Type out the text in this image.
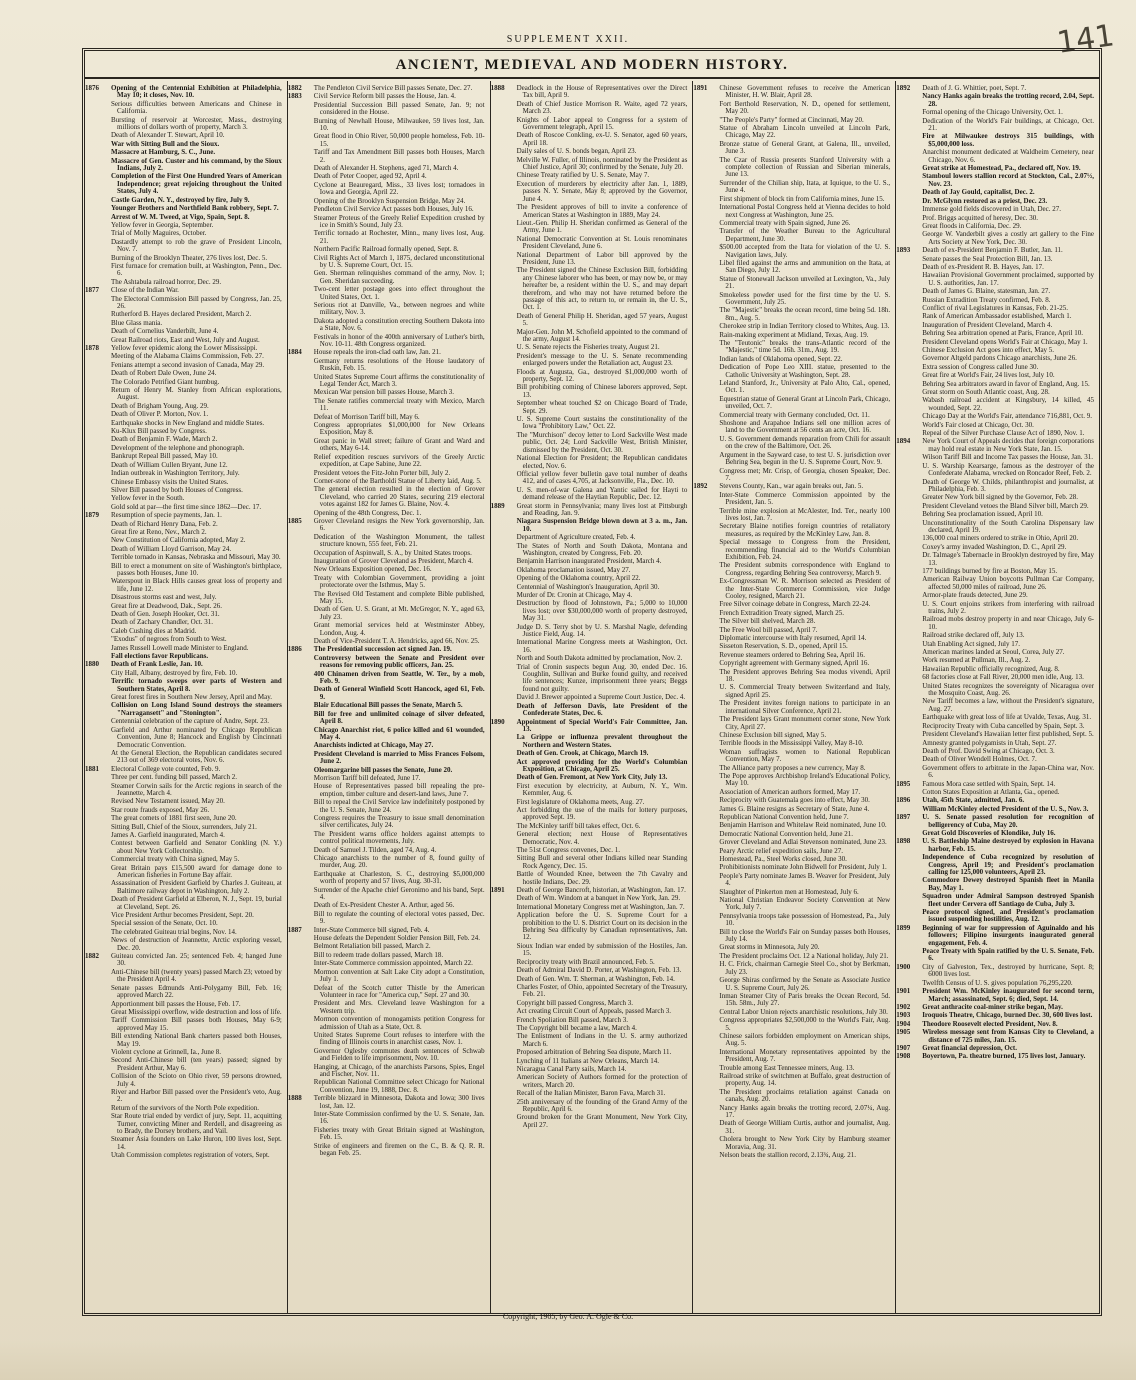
141
SUPPLEMENT XXII.
ANCIENT, MEDIEVAL AND MODERN HISTORY.
1876	Opening of the Centennial Exhibition at Philadelphia, May 10; it closes, Nov. 10.
Serious difficulties between Americans and Chinese in California.
Bursting of reservoir at Worcester, Mass., destroying millions of dollars worth of property, March 3.
Death of Alexander T. Stewart, April 10.
War with Sitting Bull and the Sioux.
Massacre at Hamburg, S. C., June.
Massacre of Gen. Custer and his command, by the Sioux Indians, July 2.
Completion of the First One Hundred Years of American Independence; great rejoicing throughout the United States, July 4.
Castle Garden, N. Y., destroyed by fire, July 9.
Younger Brothers and Northfield Bank robbery, Sept. 7.
Arrest of W. M. Tweed, at Vigo, Spain, Sept. 8.
Yellow fever in Georgia, September.
Trial of Molly Maguires, October.
Dastardly attempt to rob the grave of President Lincoln, Nov. 7.
Burning of the Brooklyn Theater, 276 lives lost, Dec. 5.
First furnace for cremation built, at Washington, Penn., Dec. 6.
The Ashtabula railroad horror, Dec. 29.
1877	Close of the Indian War.
The Electoral Commission Bill passed by Congress, Jan. 25, 26.
Rutherford B. Hayes declared President, March 2.
Blue Glass mania.
Death of Cornelius Vanderbilt, June 4.
Great Railroad riots, East and West, July and August.
1878	Yellow fever epidemic along the Lower Mississippi.
Meeting of the Alabama Claims Commission, Feb. 27.
Fenians attempt a second invasion of Canada, May 29.
Death of Robert Dale Owen, June 24.
The Colorado Petrified Giant humbug.
Return of Henry M. Stanley from African explorations, August.
Death of Brigham Young, Aug. 29.
Death of Oliver P. Morton, Nov. 1.
Earthquake shocks in New England and middle States.
Ku-Klux Bill passed by Congress.
Death of Benjamin F. Wade, March 2.
Development of the telephone and phonograph.
Bankrupt Repeal Bill passed, May 10.
Death of William Cullen Bryant, June 12.
Indian outbreak in Washington Territory, July.
Chinese Embassy visits the United States.
Silver Bill passed by both Houses of Congress.
Yellow fever in the South.
Gold sold at par—the first time since 1862—Dec. 17.
1879	Resumption of specie payments, Jan. 1.
Death of Richard Henry Dana, Feb. 2.
Great fire at Reno, Nev., March 2.
New Constitution of California adopted, May 2.
Death of William Lloyd Garrison, May 24.
Terrible tornado in Kansas, Nebraska and Missouri, May 30.
Bill to erect a monument on site of Washington's birthplace, passes both Houses, June 10.
Waterspout in Black Hills causes great loss of property and life, June 12.
Disastrous storms east and west, July.
Great fire at Deadwood, Dak., Sept. 26.
Death of Gen. Joseph Hooker, Oct. 31.
Death of Zachary Chandler, Oct. 31.
Caleb Cushing dies at Madrid.
"Exodus" of negroes from South to West.
James Russell Lowell made Minister to England.
Fall elections favor Republicans.
1880	Death of Frank Leslie, Jan. 10.
City Hall, Albany, destroyed by fire, Feb. 10.
Terrific tornado sweeps over parts of Western and Southern States, April 8.
Great forest fires in Southern New Jersey, April and May.
Collision on Long Island Sound destroys the steamers "Narragansett" and "Stonington".
Centennial celebration of the capture of Andre, Sept. 23.
Garfield and Arthur nominated by Chicago Republican Convention, June 8; Hancock and English by Cincinnati Democratic Convention.
At the General Election, the Republican candidates secured 213 out of 369 electoral votes, Nov. 6.
1881	Electoral College vote counted, Feb. 9.
Three per cent. funding bill passed, March 2.
Steamer Corwin sails for the Arctic regions in search of the Jeannette, March 4.
Revised New Testament issued, May 20.
Star route frauds exposed, May 26.
The great comets of 1881 first seen, June 20.
Sitting Bull, Chief of the Sioux, surrenders, July 21.
James A. Garfield inaugurated, March 4.
Contest between Garfield and Senator Conkling (N. Y.) about New York Collectorship.
Commercial treaty with China signed, May 5.
Great Britain pays £15,500 award for damage done to American fisheries in Fortune Bay affair.
Assassination of President Garfield by Charles J. Guiteau, at Baltimore railway depot in Washington, July 2.
Death of President Garfield at Elberon, N. J., Sept. 19, burial at Cleveland, Sept. 26.
Vice President Arthur becomes President, Sept. 20.
Special session of the Senate, Oct. 10.
The celebrated Guiteau trial begins, Nov. 14.
News of destruction of Jeannette, Arctic exploring vessel, Dec. 20.
1882	Guiteau convicted Jan. 25; sentenced Feb. 4; hanged June 30.
Anti-Chinese bill (twenty years) passed March 23; vetoed by the President April 4.
Senate passes Edmunds Anti-Polygamy Bill, Feb. 16; approved March 22.
Apportionment bill passes the House, Feb. 17.
Great Mississippi overflow, wide destruction and loss of life.
Tariff Commission Bill passes both Houses, May 6-9; approved May 15.
Bill extending National Bank charters passed both Houses, May 19.
Violent cyclone at Grinnell, Ia., June 8.
Second Anti-Chinese bill (ten years) passed; signed by President Arthur, May 6.
Collision of the Scioto on Ohio river, 59 persons drowned, July 4.
River and Harbor Bill passed over the President's veto, Aug. 2.
Return of the survivors of the North Pole expedition.
Star Route trial ended by verdict of jury, Sept. 11, acquitting Turner, convicting Miner and Rerdell, and disagreeing as to Brady, the Dorsey brothers, and Vail.
Steamer Asia founders on Lake Huron, 100 lives lost, Sept. 14.
Utah Commission completes registration of voters, Sept.
1882	The Pendleton Civil Service Bill passes Senate, Dec. 27.
1883	Civil Service Reform bill passes the House, Jan. 4.
Presidential Succession Bill passed Senate, Jan. 9; not considered in the House.
Burning of Newhall House, Milwaukee, 59 lives lost, Jan. 10.
Great flood in Ohio River, 50,000 people homeless, Feb. 10-15.
Tariff and Tax Amendment Bill passes both Houses, March 2.
Death of Alexander H. Stephens, aged 71, March 4.
Death of Peter Cooper, aged 92, April 4.
Cyclone at Beauregard, Miss., 33 lives lost; tornadoes in Iowa and Georgia, April 22.
Opening of the Brooklyn Suspension Bridge, May 24.
Pendleton Civil Service Act passes both Houses, July 16.
Steamer Proteus of the Greely Relief Expedition crushed by ice in Smith's Sound, July 23.
Terrific tornado at Rochester, Minn., many lives lost, Aug. 21.
Northern Pacific Railroad formally opened, Sept. 8.
Civil Rights Act of March 1, 1875, declared unconstitutional by U. S. Supreme Court, Oct. 15.
Gen. Sherman relinquishes command of the army, Nov. 1; Gen. Sheridan succeeding.
Two-cent letter postage goes into effect throughout the United States, Oct. 1.
Serious riot at Danville, Va., between negroes and white military, Nov. 3.
Dakota adopted a constitution erecting Southern Dakota into a State, Nov. 6.
Festivals in honor of the 400th anniversary of Luther's birth, Nov. 10-11. 48th Congress organized.
1884	House repeals the iron-clad oath law, Jan. 21.
Germany returns resolutions of the House laudatory of Ruskin, Feb. 15.
United States Supreme Court affirms the constitutionality of Legal Tender Act, March 3.
Mexican War pension bill passes House, March 3.
The Senate ratifies commercial treaty with Mexico, March 11.
Defeat of Morrison Tariff bill, May 6.
Congress appropriates $1,000,000 for New Orleans Exposition, May 8.
Great panic in Wall street; failure of Grant and Ward and others, May 6-14.
Relief expedition rescues survivors of the Greely Arctic expedition, at Cape Sabine, June 22.
President vetoes the Fitz-John Porter bill, July 2.
Corner-stone of the Bartholdi Statue of Liberty laid, Aug. 5.
The general election resulted in the election of Grover Cleveland, who carried 20 States, securing 219 electoral votes against 182 for James G. Blaine, Nov. 4.
Opening of the 48th Congress, Dec. 1.
1885	Grover Cleveland resigns the New York governorship, Jan. 6.
Dedication of the Washington Monument, the tallest structure known, 555 feet, Feb. 21.
Occupation of Aspinwall, S. A., by United States troops.
Inauguration of Grover Cleveland as President, March 4.
New Orleans Exposition opened, Dec. 16.
Treaty with Colombian Government, providing a joint protectorate over the Isthmus, May 5.
The Revised Old Testament and complete Bible published, May 15.
Death of Gen. U. S. Grant, at Mt. McGregor, N. Y., aged 63, July 23.
Grant memorial services held at Westminster Abbey, London, Aug. 4.
Death of Vice-President T. A. Hendricks, aged 66, Nov. 25.
1886	The Presidential succession act signed Jan. 19.
Controversy between the Senate and President over reasons for removing public officers, Jan. 25.
400 Chinamen driven from Seattle, W. Ter., by a mob, Feb. 9.
Death of General Winfield Scott Hancock, aged 61, Feb. 9.
Blair Educational Bill passes the Senate, March 5.
Bill for free and unlimited coinage of silver defeated, April 8.
Chicago Anarchist riot, 6 police killed and 61 wounded, May 4.
Anarchists indicted at Chicago, May 27.
President Cleveland is married to Miss Frances Folsom, June 2.
Oleomargarine bill passes the Senate, June 20.
Morrison Tariff bill defeated, June 17.
House of Representatives passed bill repealing the pre-emption, timber culture and desert-land laws, June 7.
Bill to repeal the Civil Service law indefinitely postponed by the U. S. Senate, June 24.
Congress requires the Treasury to issue small denomination silver certificates, July 24.
The President warns office holders against attempts to control political movements, July.
Death of Samuel J. Tilden, aged 74, Aug. 4.
Chicago anarchists to the number of 8, found guilty of murder, Aug. 20.
Earthquake at Charleston, S. C., destroying $5,000,000 worth of property and 57 lives, Aug. 30-31.
Surrender of the Apache chief Geronimo and his band, Sept. 4.
Death of Ex-President Chester A. Arthur, aged 56.
Bill to regulate the counting of electoral votes passed, Dec. 9.
1887	Inter-State Commerce bill signed, Feb. 4.
House defeats the Dependent Soldier Pension Bill, Feb. 24.
Belmont Retaliation bill passed, March 2.
Bill to redeem trade dollars passed, March 18.
Inter-State Commerce commission appointed, March 22.
Mormon convention at Salt Lake City adopt a Constitution, July 1.
Defeat of the Scotch cutter Thistle by the American Volunteer in race for "America cup," Sept. 27 and 30.
President and Mrs. Cleveland leave Washington for a Western trip.
Mormon convention of monogamists petition Congress for admission of Utah as a State, Oct. 8.
United States Supreme Court refuses to interfere with the finding of Illinois courts in anarchist cases, Nov. 1.
Governor Oglesby commutes death sentences of Schwab and Fielden to life imprisonment, Nov. 10.
Hanging, at Chicago, of the anarchists Parsons, Spies, Engel and Fischer, Nov. 11.
Republican National Committee select Chicago for National Convention, June 19, 1888, Dec. 8.
1888	Terrible blizzard in Minnesota, Dakota and Iowa; 300 lives lost, Jan. 12.
Inter-State Commission confirmed by the U. S. Senate, Jan. 16.
Fisheries treaty with Great Britain signed at Washington, Feb. 15.
Strike of engineers and firemen on the C., B. & Q. R. R. began Feb. 25.
1888	Deadlock in the House of Representatives over the Direct Tax bill, April 9.
Death of Chief Justice Morrison R. Waite, aged 72 years, March 23.
Knights of Labor appeal to Congress for a system of Government telegraph, April 15.
Death of Roscoe Conkling, ex-U. S. Senator, aged 60 years, April 18.
Daily sales of U. S. bonds began, April 23.
Melville W. Fuller, of Illinois, nominated by the President as Chief Justice, April 30; confirmed by the Senate, July 20.
Chinese Treaty ratified by U. S. Senate, May 7.
Execution of murderers by electricity after Jan. 1, 1889, passes N. Y. Senate, May 8; approved by the Governor, June 4.
The President approves of bill to invite a conference of American States at Washington in 1889, May 24.
Lieut.-Gen. Philip H. Sheridan confirmed as General of the Army, June 1.
National Democratic Convention at St. Louis renominates President Cleveland, June 6.
National Department of Labor bill approved by the President, June 13.
The President signed the Chinese Exclusion Bill, forbidding any Chinese laborer who has been, or may now be, or may hereafter be, a resident within the U. S., and may depart therefrom, and who may not have returned before the passage of this act, to return to, or remain in, the U. S., Oct. 1.
Death of General Philip H. Sheridan, aged 57 years, August 5.
Major-Gen. John M. Schofield appointed to the command of the army, August 14.
U. S. Senate rejects the Fisheries treaty, August 21.
President's message to the U. S. Senate recommending enlarged powers under the Retaliation act, August 23.
Floods at Augusta, Ga., destroyed $1,000,000 worth of property, Sept. 12.
Bill prohibiting coming of Chinese laborers approved, Sept. 13.
September wheat touched $2 on Chicago Board of Trade, Sept. 29.
U. S. Supreme Court sustains the constitutionality of the Iowa "Prohibitory Law," Oct. 22.
The "Murchison" decoy letter to Lord Sackville West made public, Oct. 24; Lord Sackville West, British Minister, dismissed by the President, Oct. 30.
National Election for President; the Republican candidates elected, Nov. 6.
Official yellow fever bulletin gave total number of deaths 412, and of cases 4,705, at Jacksonville, Fla., Dec. 10.
U. S. men-of-war Galena and Yantic sailed for Hayti to demand release of the Haytian Republic, Dec. 12.
1889	Great storm in Pennsylvania; many lives lost at Pittsburgh and Reading, Jan. 9.
Niagara Suspension Bridge blown down at 3 a. m., Jan. 10.
Department of Agriculture created, Feb. 4.
The States of North and South Dakota, Montana and Washington, created by Congress, Feb. 20.
Benjamin Harrison inaugurated President, March 4.
Oklahoma proclamation issued, May 27.
Opening of the Oklahoma country, April 22.
Centennial of Washington's Inauguration, April 30.
Murder of Dr. Cronin at Chicago, May 4.
Destruction by flood of Johnstown, Pa.; 5,000 to 10,000 lives lost; over $30,000,000 worth of property destroyed, May 31.
Judge D. S. Terry shot by U. S. Marshal Nagle, defending Justice Field, Aug. 14.
International Marine Congress meets at Washington, Oct. 16.
North and South Dakota admitted by proclamation, Nov. 2.
Trial of Cronin suspects begun Aug. 30, ended Dec. 16. Coughlin, Sullivan and Burke found guilty, and received life sentences; Kunze, imprisonment three years; Beggs found not guilty.
David J. Brewer appointed a Supreme Court Justice, Dec. 4.
Death of Jefferson Davis, late President of the Confederate States, Dec. 6.
1890	Appointment of Special World's Fair Committee, Jan. 13.
La Grippe or influenza prevalent throughout the Northern and Western States.
Death of Gen. Crook, at Chicago, March 19.
Act approved providing for the World's Columbian Exposition, at Chicago, April 25.
Death of Gen. Fremont, at New York City, July 13.
First execution by electricity, at Auburn, N. Y., Wm. Kemmler, Aug. 6.
First legislature of Oklahoma meets, Aug. 27.
Act forbidding the use of the mails for lottery purposes, approved Sept. 19.
The McKinley tariff bill takes effect, Oct. 6.
General election; next House of Representatives Democratic, Nov. 4.
The 51st Congress convenes, Dec. 1.
Sitting Bull and several other Indians killed near Standing Rock Agency, Dec. 15.
Battle of Wounded Knee, between the 7th Cavalry and hostile Indians, Dec. 29.
1891	Death of George Bancroft, historian, at Washington, Jan. 17.
Death of Wm. Windom at a banquet in New York, Jan. 29.
International Monetary Congress met at Washington, Jan. 7.
Application before the U. S. Supreme Court for a prohibition to the U. S. District Court on its decision in the Behring Sea difficulty by Canadian representatives, Jan. 12.
Sioux Indian war ended by submission of the Hostiles, Jan. 15.
Reciprocity treaty with Brazil announced, Feb. 5.
Death of Admiral David D. Porter, at Washington, Feb. 13.
Death of Gen. Wm. T. Sherman, at Washington, Feb. 14.
Charles Foster, of Ohio, appointed Secretary of the Treasury, Feb. 21.
Copyright bill passed Congress, March 3.
Act creating Circuit Court of Appeals, passed March 3.
French Spoliation Bill passed, March 3.
The Copyright bill became a law, March 4.
The Enlistment of Indians in the U. S. army authorized March 6.
Proposed arbitration of Behring Sea dispute, March 11.
Lynching of 11 Italians at New Orleans, March 14.
Nicaragua Canal Party sails, March 14.
American Society of Authors formed for the protection of writers, March 20.
Recall of the Italian Minister, Baron Fava, March 31.
25th anniversary of the founding of the Grand Army of the Republic, April 6.
Ground broken for the Grant Monument, New York City, April 27.
1891	Chinese Government refuses to receive the American Minister, H. W. Blair, April 28.
Fort Berthold Reservation, N. D., opened for settlement, May 20.
"The People's Party" formed at Cincinnati, May 20.
Statue of Abraham Lincoln unveiled at Lincoln Park, Chicago, May 22.
Bronze statue of General Grant, at Galena, Ill., unveiled, June 3.
The Czar of Russia presents Stanford University with a complete collection of Russian and Siberian minerals, June 13.
Surrender of the Chilian ship, Itata, at Iquique, to the U. S., June 4.
First shipment of block tin from California mines, June 15.
International Postal Congress held at Vienna decides to hold next Congress at Washington, June 25.
Commercial treaty with Spain signed, June 26.
Transfer of the Weather Bureau to the Agricultural Department, June 30.
$500.00 accepted from the Itata for violation of the U. S. Navigation laws, July.
Libel filed against the arms and ammunition on the Itata, at San Diego, July 12.
Statue of Stonewall Jackson unveiled at Lexington, Va., July 21.
Smokeless powder used for the first time by the U. S. Government, July 25.
The "Majestic" breaks the ocean record, time being 5d. 18h. 8m., Aug. 5.
Cherokee strip in Indian Territory closed to Whites, Aug. 13.
Rain-making experiment at Midland, Texas, Aug. 19.
The "Teutonic" breaks the trans-Atlantic record of the "Majestic," time 5d. 16h. 31m., Aug. 19.
Indian lands of Oklahoma opened, Sept. 22.
Dedication of Pope Leo XIII. statue, presented to the Catholic University at Washington, Sept. 28.
Leland Stanford, Jr., University at Palo Alto, Cal., opened, Oct. 1.
Equestrian statue of General Grant at Lincoln Park, Chicago, unveiled, Oct. 7.
Commercial treaty with Germany concluded, Oct. 11.
Shoshone and Arapahoe Indians sell one million acres of land to the Government at 56 cents an acre, Oct. 16.
U. S. Government demands reparation from Chili for assault on the crew of the Baltimore, Oct. 26.
Argument in the Sayward case, to test U. S. jurisdiction over Behring Sea, begun in the U. S. Supreme Court, Nov. 9.
Congress met; Mr. Crisp, of Georgia, chosen Speaker, Dec. 7.
1892	Stevens County, Kan., war again breaks out, Jan. 5.
Inter-State Commerce Commission appointed by the President, Jan. 5.
Terrible mine explosion at McAlester, Ind. Ter., nearly 100 lives lost, Jan. 7.
Secretary Blaine notifies foreign countries of retaliatory measures, as required by the McKinley Law, Jan. 8.
Special message to Congress from the President, recommending financial aid to the World's Columbian Exhibition, Feb. 24.
The President submits correspondence with England to Congress, regarding Behring Sea controversy, March 9.
Ex-Congressman W. R. Morrison selected as President of the Inter-State Commerce Commission, vice Judge Cooley, resigned, March 21.
Free Silver coinage debate in Congress, March 22-24.
French Extradition Treaty signed, March 25.
The Silver bill shelved, March 28.
The Free Wool bill passed, April 7.
Diplomatic intercourse with Italy resumed, April 14.
Sisseton Reservation, S. D., opened, April 15.
Revenue steamers ordered to Behring Sea, April 16.
Copyright agreement with Germany signed, April 16.
The President approves Behring Sea modus vivendi, April 18.
U. S. Commercial Treaty between Switzerland and Italy, signed April 25.
The President invites foreign nations to participate in an international Silver Conference, April 21.
The President lays Grant monument corner stone, New York City, April 27.
Chinese Exclusion bill signed, May 5.
Terrible floods in the Mississippi Valley, May 8-10.
Woman suffragists women to National Republican Convention, May 7.
The Alliance party proposes a new currency, May 8.
The Pope approves Archbishop Ireland's Educational Policy, May 10.
Association of American authors formed, May 17.
Reciprocity with Guatemala goes into effect, May 30.
James G. Blaine resigns as Secretary of State, June 4.
Republican National Convention held, June 7.
Benjamin Harrison and Whitelaw Reid nominated, June 10.
Democratic National Convention held, June 21.
Grover Cleveland and Adlai Stevenson nominated, June 23.
Peary Arctic relief expedition sails, June 27.
Homestead, Pa., Steel Works closed, June 30.
Prohibitionists nominate John Bidwell for President, July 1.
People's Party nominate James B. Weaver for President, July 4.
Slaughter of Pinkerton men at Homestead, July 6.
National Christian Endeavor Society Convention at New York, July 7.
Pennsylvania troops take possession of Homestead, Pa., July 10.
Bill to close the World's Fair on Sunday passes both Houses, July 14.
Great storms in Minnesota, July 20.
The President proclaims Oct. 12 a National holiday, July 21.
H. C. Frick, chairman Carnegie Steel Co., shot by Berkman, July 23.
George Shiras confirmed by the Senate as Associate Justice U. S. Supreme Court, July 26.
Inman Steamer City of Paris breaks the Ocean Record, 5d. 15h. 58m., July 27.
Central Labor Union rejects anarchistic resolutions, July 30.
Congress appropriates $2,500,000 to the World's Fair, Aug. 5.
Chinese sailors forbidden employment on American ships, Aug. 5.
International Monetary representatives appointed by the President, Aug. 7.
Trouble among East Tennessee miners, Aug. 13.
Railroad strike of switchmen at Buffalo, great destruction of property, Aug. 14.
The President proclaims retaliation against Canada on canals, Aug. 20.
Nancy Hanks again breaks the trotting record, 2.07¼, Aug. 17.
Death of George William Curtis, author and journalist, Aug. 31.
Cholera brought to New York City by Hamburg steamer Moravia, Aug. 31.
Nelson beats the stallion record, 2.13¾, Aug. 21.
1892	Death of J. G. Whittier, poet, Sept. 7.
Nancy Hanks again breaks the trotting record, 2.04, Sept. 28.
Formal opening of the Chicago University, Oct. 1.
Dedication of the World's Fair buildings, at Chicago, Oct. 21.
Fire at Milwaukee destroys 315 buildings, with $5,000,000 loss.
Anarchist monument dedicated at Waldheim Cemetery, near Chicago, Nov. 6.
Great strike at Homestead, Pa., declared off, Nov. 19.
Stamboul lowers stallion record at Stockton, Cal., 2.07½, Nov. 23.
Death of Jay Gould, capitalist, Dec. 2.
Dr. McGlynn restored as a priest, Dec. 23.
Immense gold fields discovered in Utah, Dec. 27.
Prof. Briggs acquitted of heresy, Dec. 30.
Great floods in California, Dec. 29.
George W. Vanderbilt gives a costly art gallery to the Fine Arts Society at New York, Dec. 30.
1893	Death of ex-President Benjamin F. Butler, Jan. 11.
Senate passes the Seal Protection Bill, Jan. 13.
Death of ex-President R. B. Hayes, Jan. 17.
Hawaiian Provisional Government proclaimed, supported by U. S. authorities, Jan. 17.
Death of James G. Blaine, statesman, Jan. 27.
Russian Extradition Treaty confirmed, Feb. 8.
Conflict of rival Legislatures in Kansas, Feb. 21-25.
Rank of American Ambassador established, March 1.
Inauguration of President Cleveland, March 4.
Behring Sea arbitration opened at Paris, France, April 10.
President Cleveland opens World's Fair at Chicago, May 1.
Chinese Exclusion Act goes into effect, May 5.
Governor Altgeld pardons Chicago anarchists, June 26.
Extra session of Congress called June 30.
Great fire at World's Fair, 24 lives lost, July 10.
Behring Sea arbitrators award in favor of England, Aug. 15.
Great storm on South Atlantic coast, Aug. 28.
Wabash railroad accident at Kingsbury, 14 killed, 45 wounded, Sept. 22.
Chicago Day at the World's Fair, attendance 716,881, Oct. 9.
World's Fair closed at Chicago, Oct. 30.
Repeal of the Silver Purchase Clause Act of 1890, Nov. 1.
1894	New York Court of Appeals decides that foreign corporations may hold real estate in New York State, Jan. 15.
Wilson Tariff Bill and Income Tax passes the House, Jan. 31.
U. S. Warship Kearsarge, famous as the destroyer of the Confederate Alabama, wrecked on Roncador Reef, Feb. 2.
Death of George W. Childs, philanthropist and journalist, at Philadelphia, Feb. 3.
Greater New York bill signed by the Governor, Feb. 28.
President Cleveland vetoes the Bland Silver bill, March 29.
Behring Sea proclamation issued, April 10.
Unconstitutionality of the South Carolina Dispensary law declared, April 19.
136,000 coal miners ordered to strike in Ohio, April 20.
Coxey's army invaded Washington, D. C., April 29.
Dr. Talmage's Tabernacle in Brooklyn destroyed by fire, May 13.
177 buildings burned by fire at Boston, May 15.
American Railway Union boycotts Pullman Car Company, affected 50,000 miles of railroad, June 26.
Armor-plate frauds detected, June 29.
U. S. Court enjoins strikers from interfering with railroad trains, July 2.
Railroad mobs destroy property in and near Chicago, July 6-10.
Railroad strike declared off, July 13.
Utah Enabling Act signed, July 17.
American marines landed at Seoul, Corea, July 27.
Work resumed at Pullman, Ill., Aug. 2.
Hawaiian Republic officially recognized, Aug. 8.
68 factories close at Fall River, 20,000 men idle, Aug. 13.
United States recognizes the sovereignty of Nicaragua over the Mosquito Coast, Aug. 26.
New Tariff becomes a law, without the President's signature, Aug. 27.
Earthquake with great loss of life at Uvalde, Texas, Aug. 31.
Reciprocity Treaty with Cuba cancelled by Spain, Sept. 3.
President Cleveland's Hawaiian letter first published, Sept. 5.
Amnesty granted polygamists in Utah, Sept. 27.
Death of Prof. David Swing at Chicago, Oct. 3.
Death of Oliver Wendell Holmes, Oct. 7.
Government offers to arbitrate in the Japan-China war, Nov. 6.
1895	Famous Mora case settled with Spain, Sept. 14.
Cotton States Exposition at Atlanta, Ga., opened.
1896	Utah, 45th State, admitted, Jan. 6.
William McKinley elected President of the U. S., Nov. 3.
1897	U. S. Senate passed resolution for recognition of belligerency of Cuba, May 20.
Great Gold Discoveries of Klondike, July 16.
1898	U. S. Battleship Maine destroyed by explosion in Havana harbor, Feb. 15.
Independence of Cuba recognized by resolution of Congress, April 19; and President's proclamation calling for 125,000 volunteers, April 23.
Commodore Dewey destroyed Spanish fleet in Manila Bay, May 1.
Squadron under Admiral Sampson destroyed Spanish fleet under Cervera off Santiago de Cuba, July 3.
Peace protocol signed, and President's proclamation issued suspending hostilities, Aug. 12.
1899	Beginning of war for suppression of Aguinaldo and his followers; Filipino insurgents inaugurated general engagement, Feb. 4.
Peace Treaty with Spain ratified by the U. S. Senate, Feb. 6.
1900	City of Galveston, Tex., destroyed by hurricane, Sept. 8; 6000 lives lost.
Twelfth Census of U. S. gives population 76,295,220.
1901	President Wm. McKinley inaugurated for second term, March; assassinated, Sept. 6; died, Sept. 14.
1902	Great anthracite coal-miner strike began, May.
1903	Iroquois Theatre, Chicago, burned Dec. 30, 600 lives lost.
1904	Theodore Roosevelt elected President, Nov. 8.
1905	Wireless message sent from Kansas City to Cleveland, a distance of 725 miles, Jan. 15.
1907	Great financial depression, Oct.
1908	Boyertown, Pa. theatre burned, 175 lives lost, January.
Copyright, 1905, by Geo. A. Ogle & Co.
